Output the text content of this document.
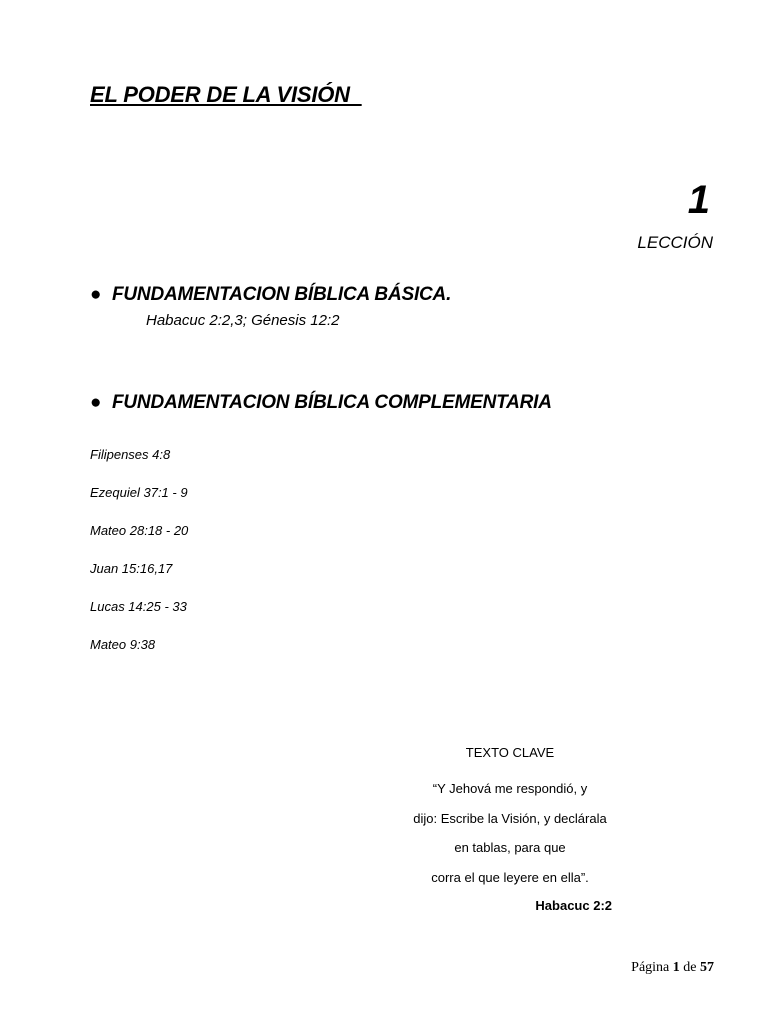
EL PODER DE LA VISIÓN
1
LECCIÓN
● FUNDAMENTACION BÍBLICA BÁSICA.
Habacuc 2:2,3; Génesis 12:2
● FUNDAMENTACION BÍBLICA COMPLEMENTARIA
Filipenses 4:8
Ezequiel 37:1 - 9
Mateo 28:18 - 20
Juan 15:16,17
Lucas 14:25 - 33
Mateo 9:38
TEXTO CLAVE
“Y Jehová me respondió, y
dijo: Escribe la Visión, y declárala
en tablas, para que
corra el que leyere en ella”.
Habacuc 2:2
Página 1 de 57
